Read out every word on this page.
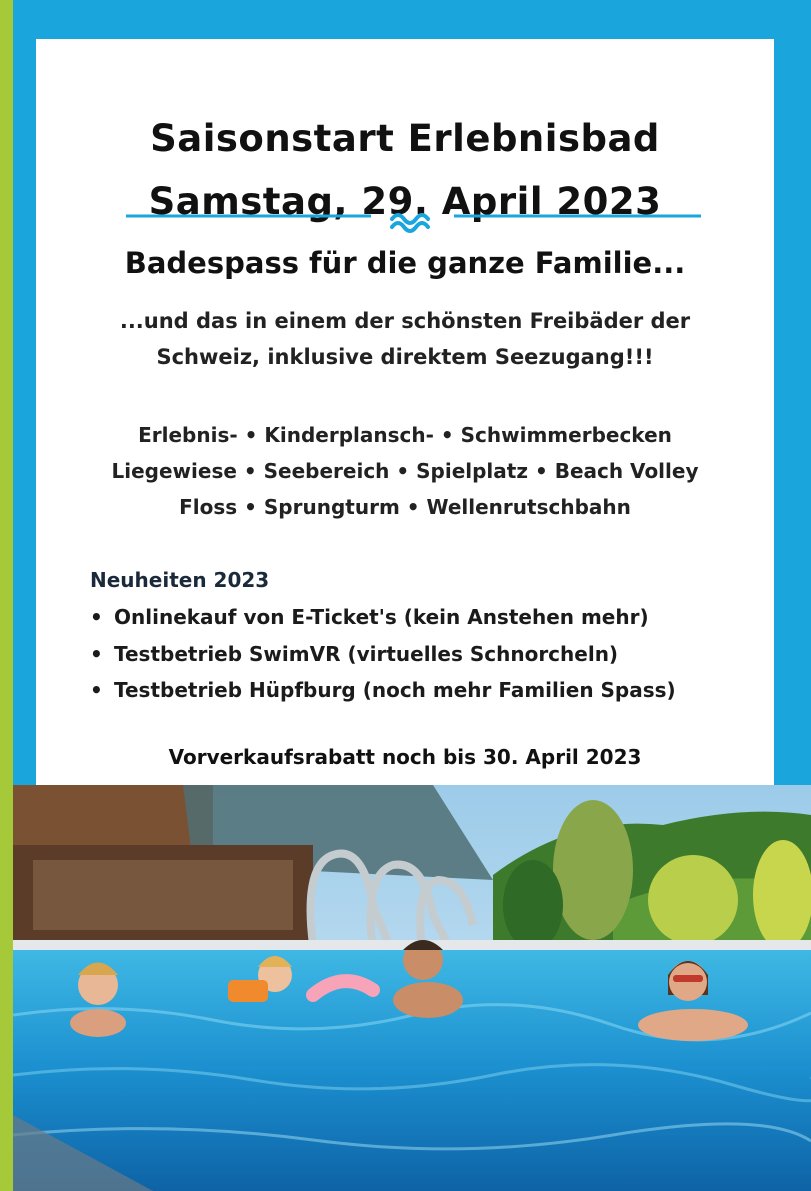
Saisonstart Erlebnisbad
Samstag, 29. April 2023
Badespass für die ganze Familie...
...und das in einem der schönsten Freibäder der
Schweiz, inklusive direktem Seezugang!!!
Erlebnis- • Kinderplansch- • Schwimmerbecken
Liegewiese • Seebereich • Spielplatz • Beach Volley
Floss • Sprungturm • Wellenrutschbahn
Neuheiten 2023
• Onlinekauf von E-Ticket's (kein Anstehen mehr)
• Testbetrieb SwimVR (virtuelles Schnorcheln)
• Testbetrieb Hüpfburg (noch mehr Familien Spass)
Vorverkaufsrabatt noch bis 30. April 2023
